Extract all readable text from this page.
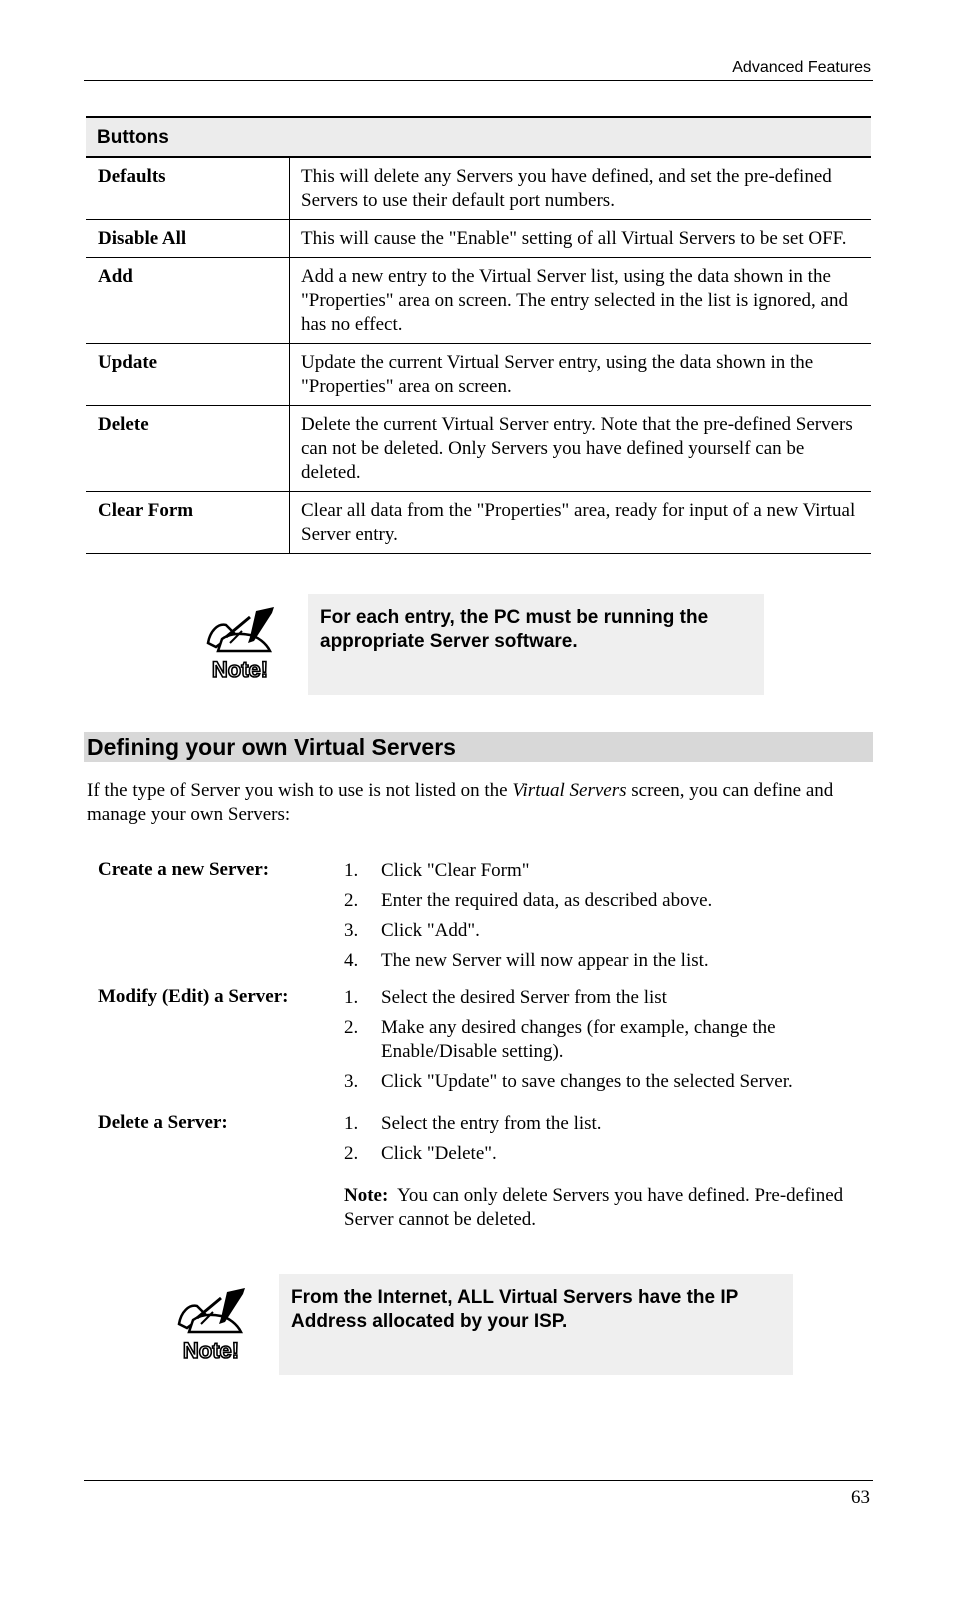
Advanced Features
Buttons	
Defaults	This will delete any Servers you have defined, and set the pre-defined Servers to use their default port numbers.
Disable All	This will cause the "Enable" setting of all Virtual Servers to be set OFF.
Add	Add a new entry to the Virtual Server list, using the data shown in the "Properties" area on screen. The entry selected in the list is ignored, and has no effect.
Update	Update the current Virtual Server entry, using the data shown in the "Properties" area on screen.
Delete	Delete the current Virtual Server entry. Note that the pre-defined Servers can not be deleted. Only Servers you have defined yourself can be deleted.
Clear Form	Clear all data from the "Properties" area, ready for input of a new Virtual Server entry.
Note!
For each entry, the PC must be running the appropriate Server software.
Defining your own Virtual Servers

If the type of Server you wish to use is not listed on the Virtual Servers screen, you can define and manage your own Servers:

Create a new Server:	1. Click "Clear Form"
2. Enter the required data, as described above.
3. Click "Add".
4. The new Server will now appear in the list.
Modify (Edit) a Server:	1. Select the desired Server from the list
2. Make any desired changes (for example, change the Enable/Disable setting).
3. Click "Update" to save changes to the selected Server.
Delete a Server:	1. Select the entry from the list.
2. Click "Delete".
Note: You can only delete Servers you have defined. Pre-defined Server cannot be deleted.
Note!
From the Internet, ALL Virtual Servers have the IP Address allocated by your ISP.
63
